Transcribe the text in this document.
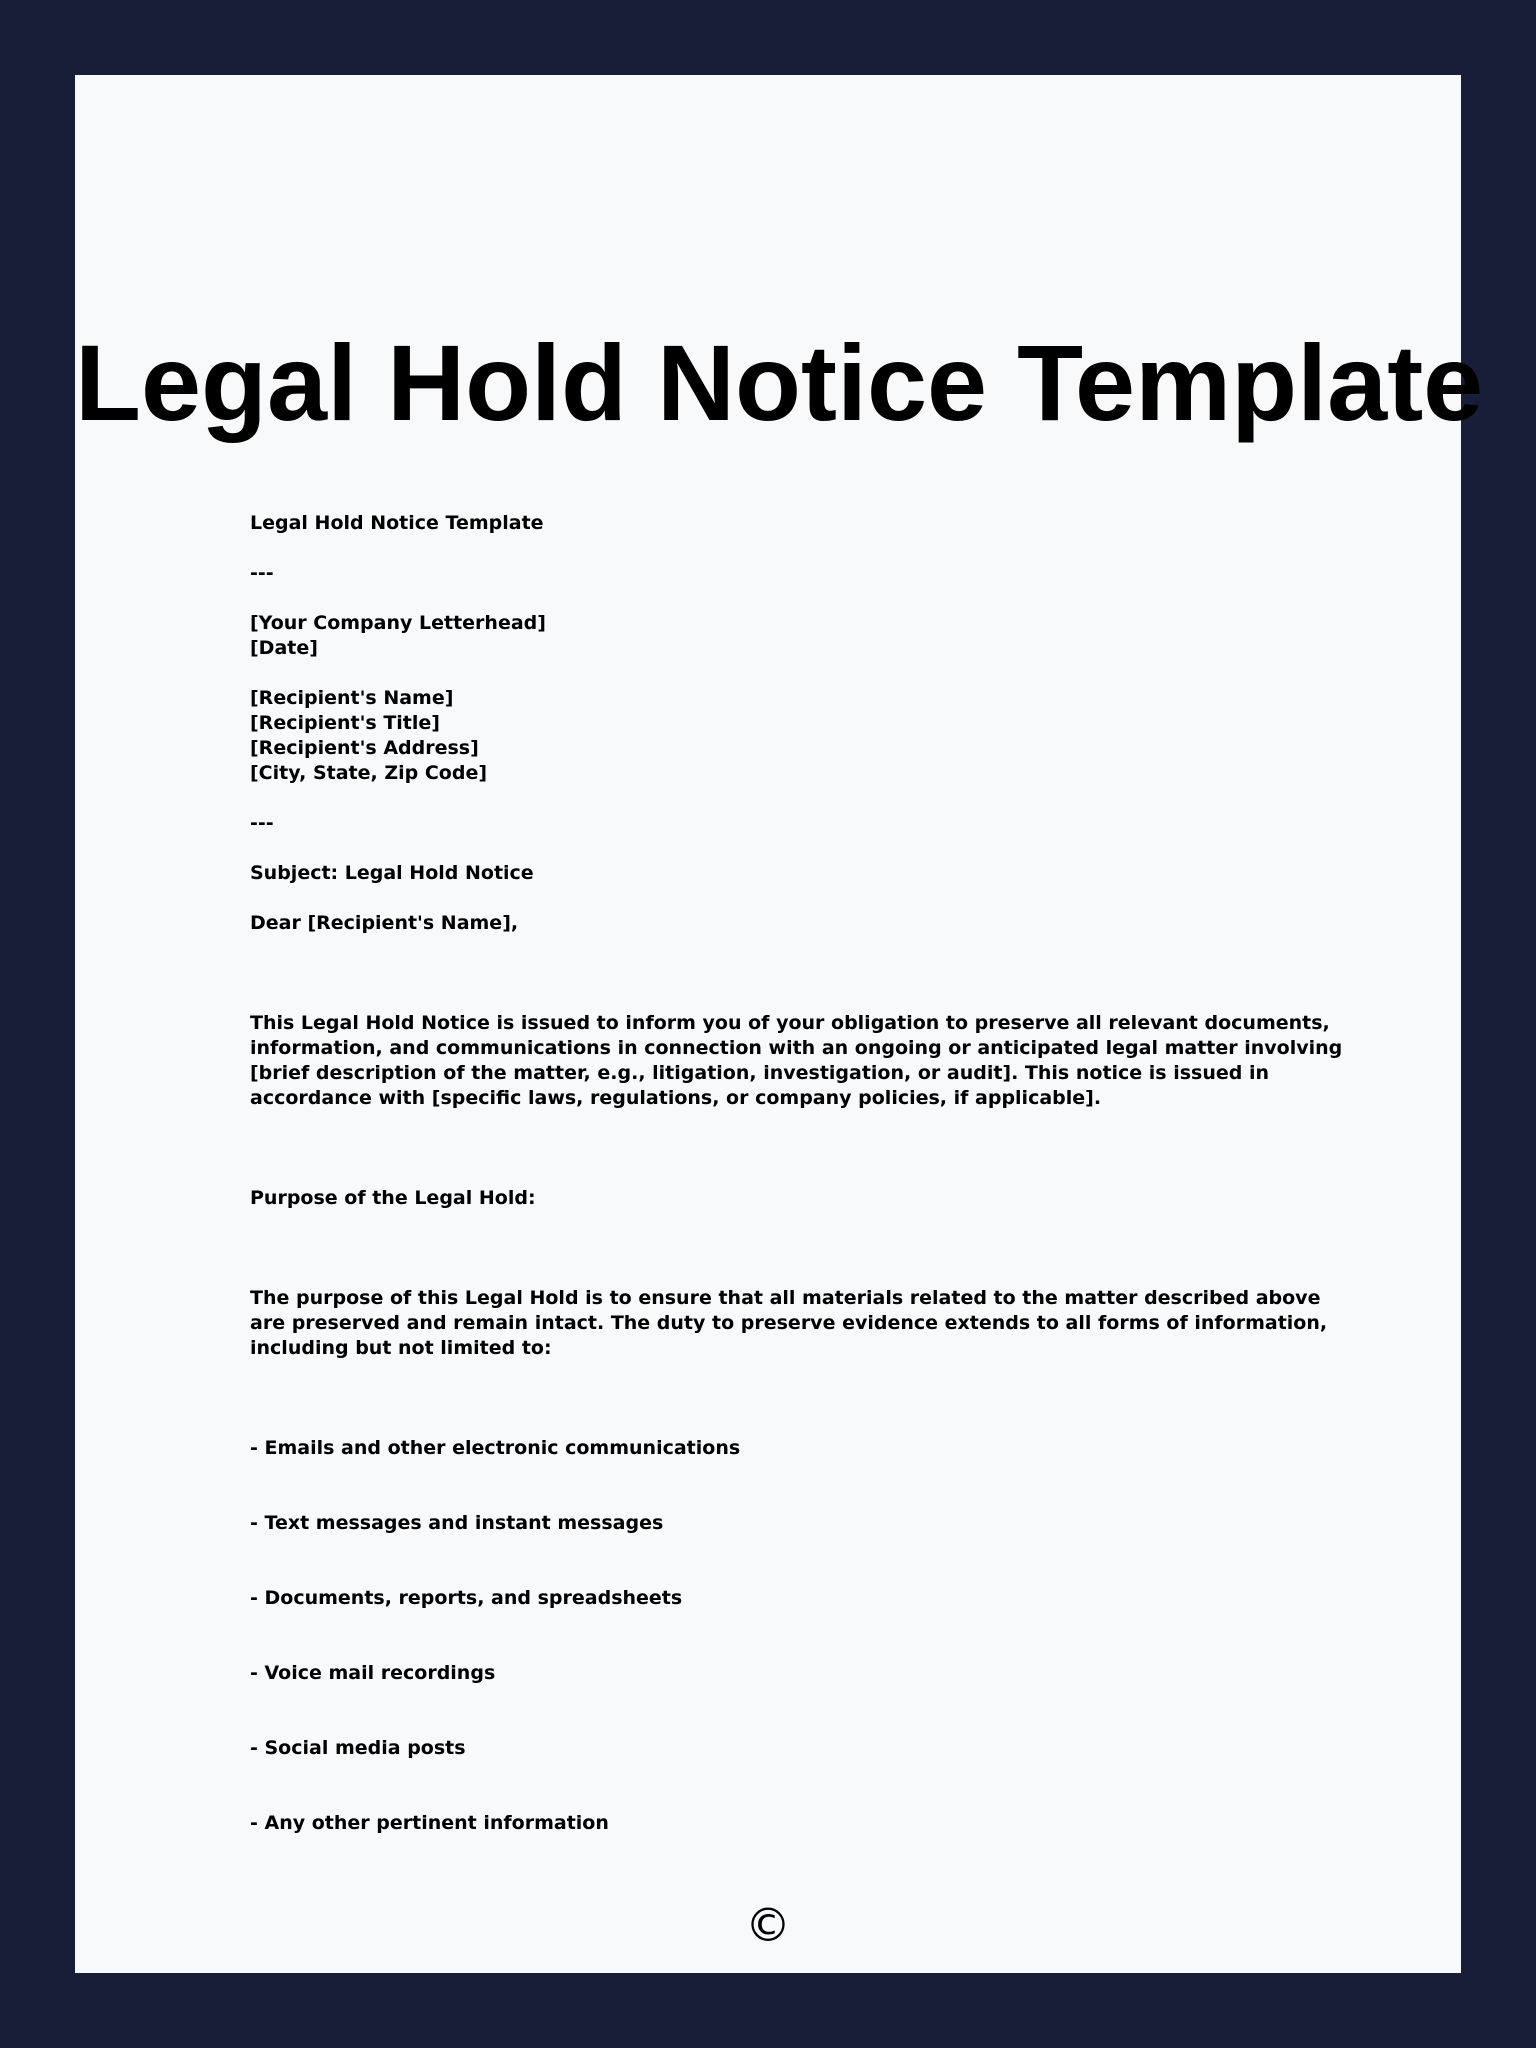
Legal Hold Notice Template
Legal Hold Notice Template
---
[Your Company Letterhead]
[Date]
[Recipient's Name]
[Recipient's Title]
[Recipient's Address]
[City, State, Zip Code]
---
Subject: Legal Hold Notice
Dear [Recipient's Name],

This Legal Hold Notice is issued to inform you of your obligation to preserve all relevant documents, information, and communications in connection with an ongoing or anticipated legal matter involving [brief description of the matter, e.g., litigation, investigation, or audit]. This notice is issued in accordance with [specific laws, regulations, or company policies, if applicable].

Purpose of the Legal Hold:

The purpose of this Legal Hold is to ensure that all materials related to the matter described above are preserved and remain intact. The duty to preserve evidence extends to all forms of information, including but not limited to:

- Emails and other electronic communications
- Text messages and instant messages
- Documents, reports, and spreadsheets
- Voice mail recordings
- Social media posts
- Any other pertinent information
©
